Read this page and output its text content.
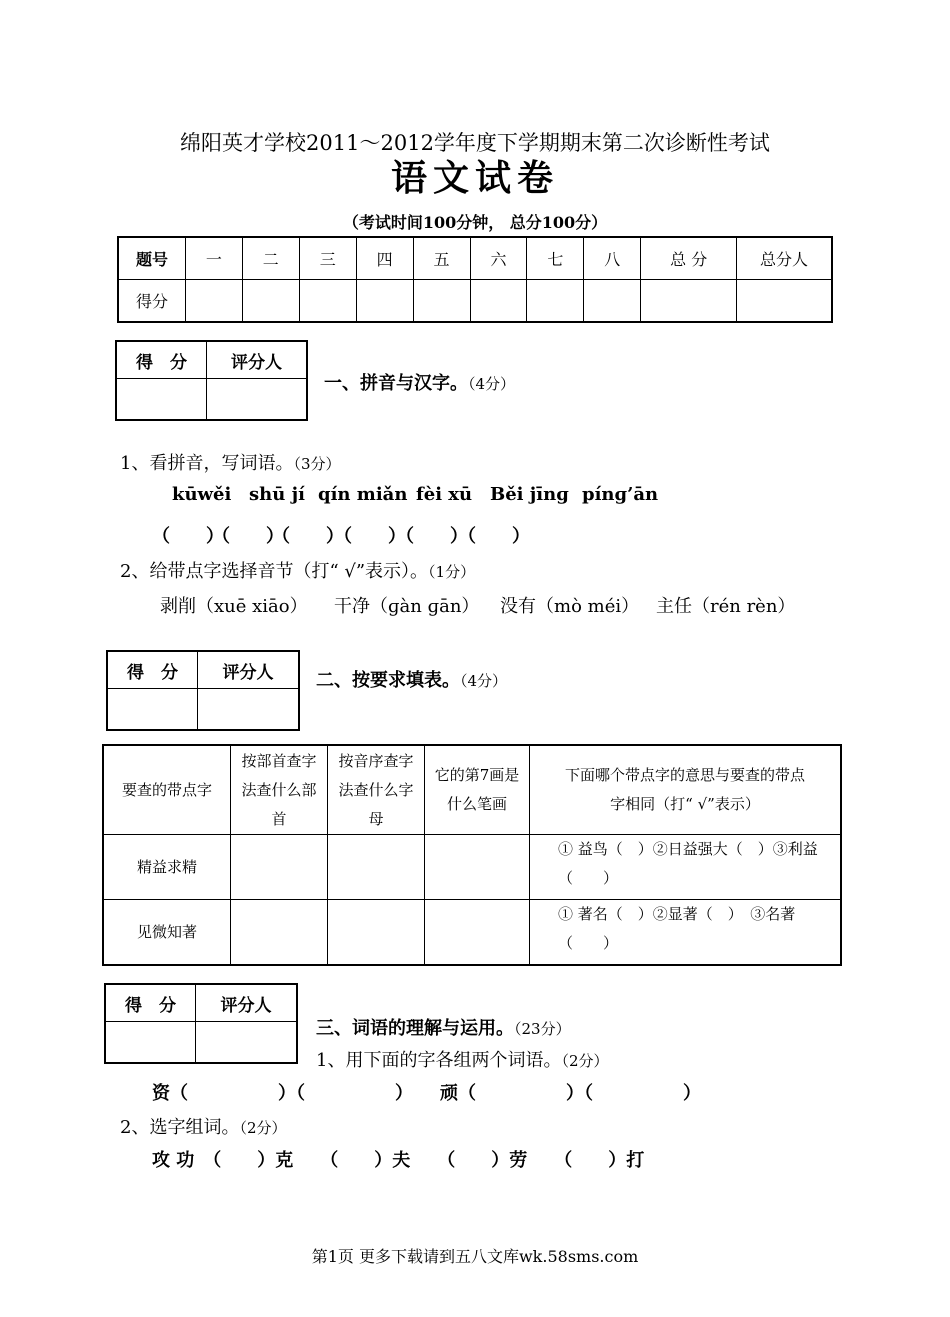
绵阳英才学校2011～2012学年度下学期期末第二次诊断性考试
语文试卷
（考试时间100分钟， 总分100分）
题号	一	二	三	四	五	六	七	八	总 分	总分人
得分										
得　分	评分人

一、拼音与汉字。（4分）
1、看拼音，写词语。（3分）
kūwěi shū jí qín miǎn fèi xū Běi jīnɡ pínɡ’ān
（　　）
（　　）
（　　）
（　　）
（　　）
（　　）
2、给带点字选择音节（打“ √”表示）。（1分）
剥削（xuē xiāo） 干净（ɡàn ɡān） 没有（mò méi） 主任（rén rèn）
得　分	评分人
	二、按要求填表。（4分）
要查的带点字	按部首查字法查什么部首	按音序查字法查什么字母	它的第7画是什么笔画	下面哪个带点字的意思与要查的带点字相同（打“ √”表示）
精益求精				① 益鸟（　）②日益强大（　）③利益（　　）
见微知著				① 著名（　）②显著（　）　③名著（　　）
得　分	评分人

三、词语的理解与运用。（23分）
1、用下面的字各组两个词语。（2分）
资（　　　　　）（　　　　　）　　顽（　　　　　）（　　　　　）
2、选字组词。（2分）
攻 功　（　　）克　　（　　）夫　　（　　）劳　　（　　）打
第1页 更多下载请到五八文库wk.58sms.com
